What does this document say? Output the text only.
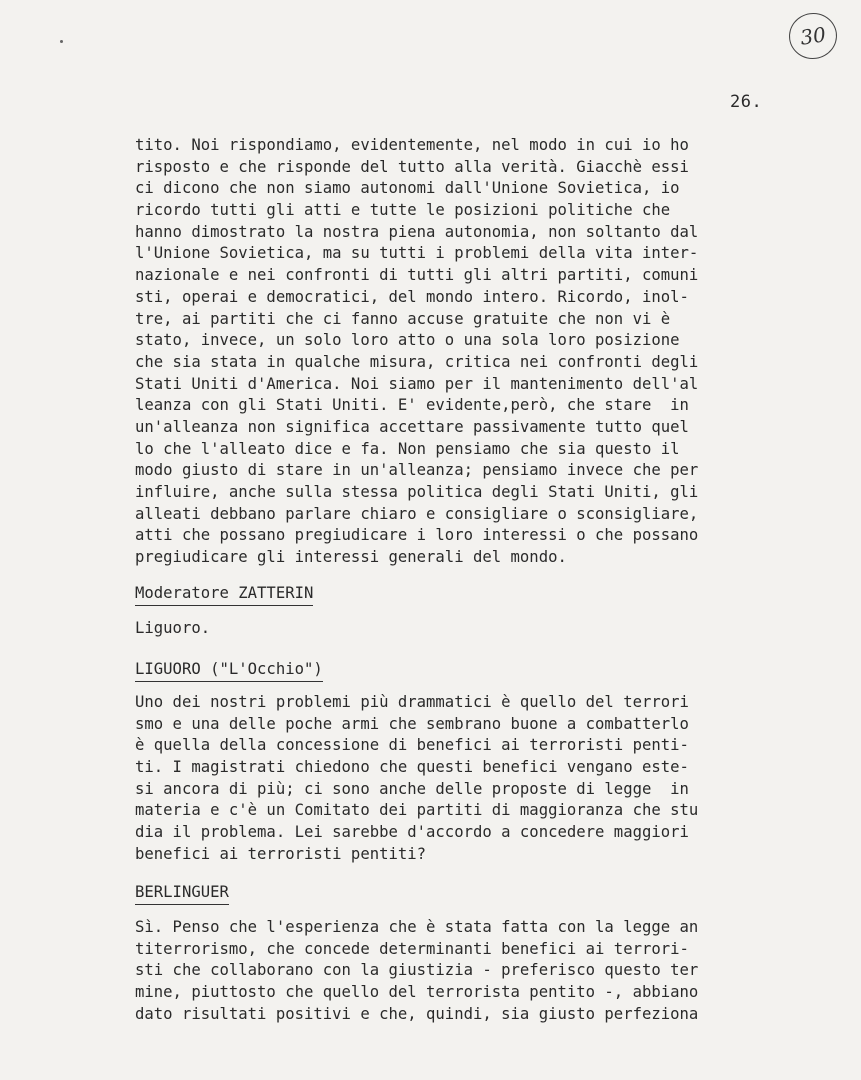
30
26.
tito. Noi rispondiamo, evidentemente, nel modo in cui io ho
risposto e che risponde del tutto alla verità. Giacchè essi
ci dicono che non siamo autonomi dall'Unione Sovietica, io
ricordo tutti gli atti e tutte le posizioni politiche che
hanno dimostrato la nostra piena autonomia, non soltanto dal
l'Unione Sovietica, ma su tutti i problemi della vita inter-
nazionale e nei confronti di tutti gli altri partiti, comuni
sti, operai e democratici, del mondo intero. Ricordo, inol-
tre, ai partiti che ci fanno accuse gratuite che non vi è
stato, invece, un solo loro atto o una sola loro posizione
che sia stata in qualche misura, critica nei confronti degli
Stati Uniti d'America. Noi siamo per il mantenimento dell'al
leanza con gli Stati Uniti. E' evidente,però, che stare  in
un'alleanza non significa accettare passivamente tutto quel
lo che l'alleato dice e fa. Non pensiamo che sia questo il
modo giusto di stare in un'alleanza; pensiamo invece che per
influire, anche sulla stessa politica degli Stati Uniti, gli
alleati debbano parlare chiaro e consigliare o sconsigliare,
atti che possano pregiudicare i loro interessi o che possano
pregiudicare gli interessi generali del mondo.
Moderatore ZATTERIN
Liguoro.
LIGUORO ("L'Occhio")
Uno dei nostri problemi più drammatici è quello del terrori
smo e una delle poche armi che sembrano buone a combatterlo
è quella della concessione di benefici ai terroristi penti-
ti. I magistrati chiedono che questi benefici vengano este-
si ancora di più; ci sono anche delle proposte di legge  in
materia e c'è un Comitato dei partiti di maggioranza che stu
dia il problema. Lei sarebbe d'accordo a concedere maggiori
benefici ai terroristi pentiti?
BERLINGUER
Sì. Penso che l'esperienza che è stata fatta con la legge an
titerrorismo, che concede determinanti benefici ai terrori-
sti che collaborano con la giustizia - preferisco questo ter
mine, piuttosto che quello del terrorista pentito -, abbiano
dato risultati positivi e che, quindi, sia giusto perfeziona
